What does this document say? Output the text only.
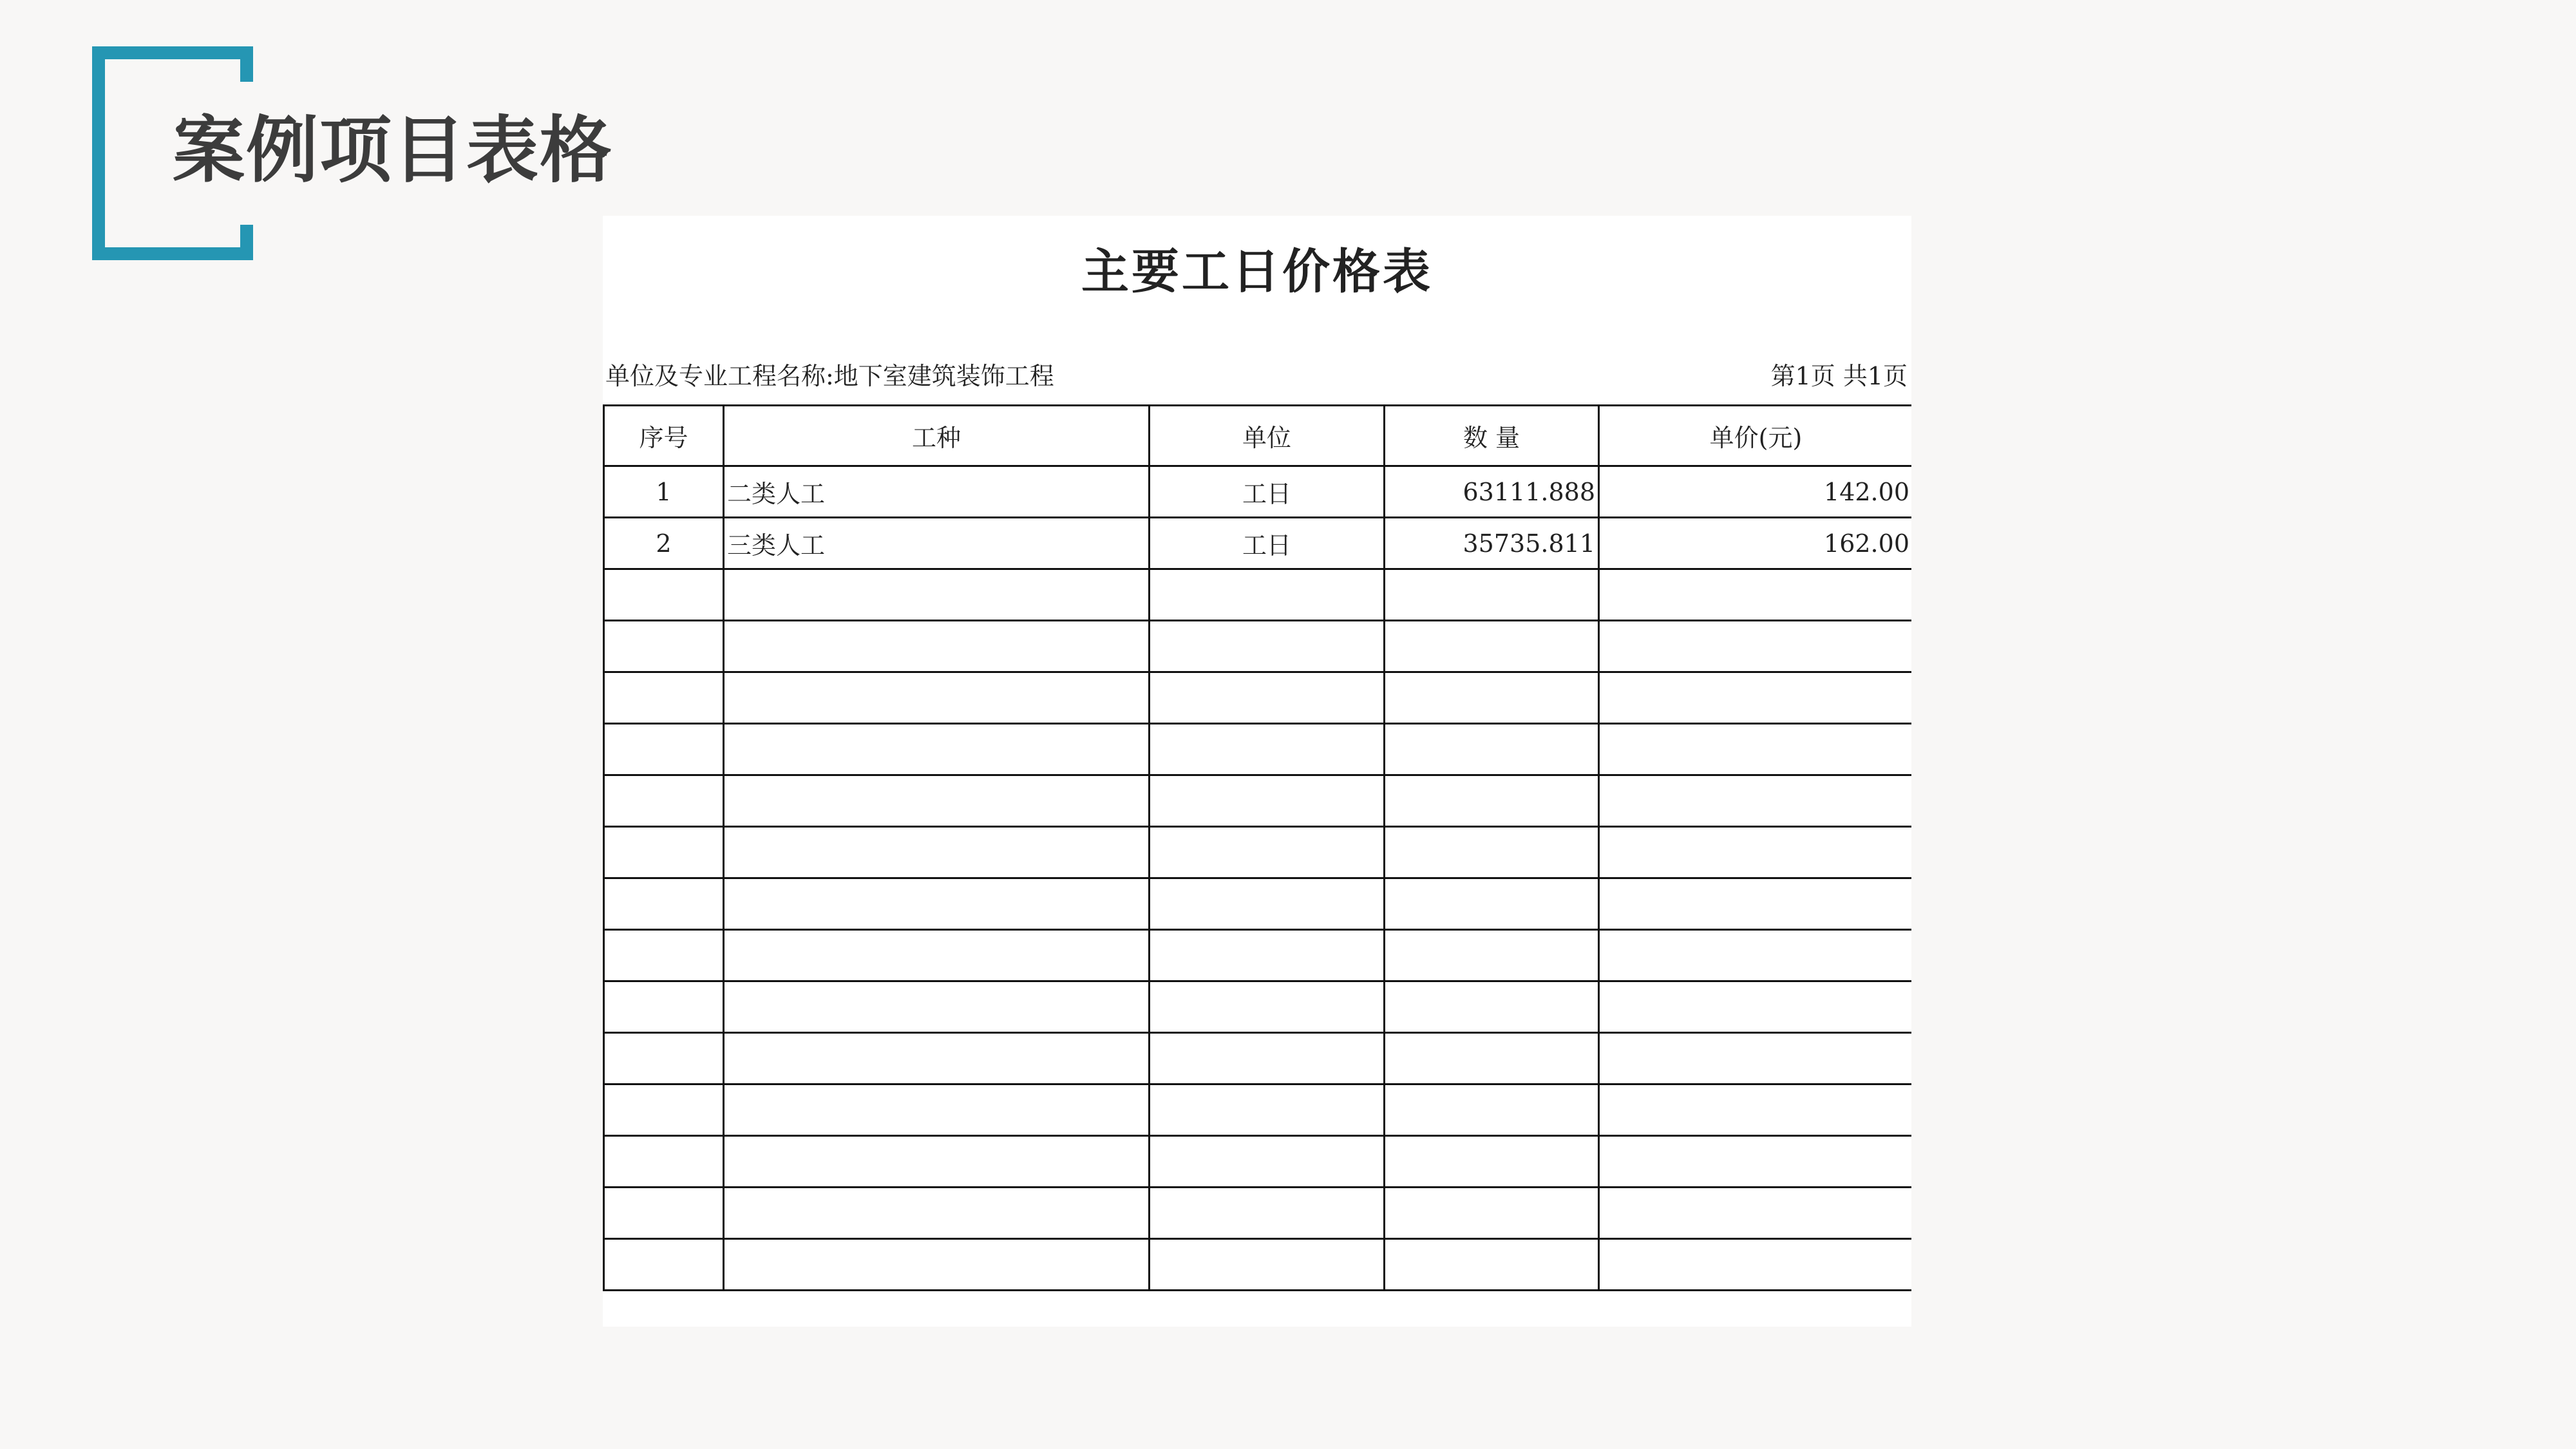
案例项目表格
主要工日价格表
单位及专业工程名称:地下室建筑装饰工程	第1页 共1页
序号	工种	单位	数 量	单价(元)
1	二类人工	工日	63111.888	142.00
2	三类人工	工日	35735.811	162.00
